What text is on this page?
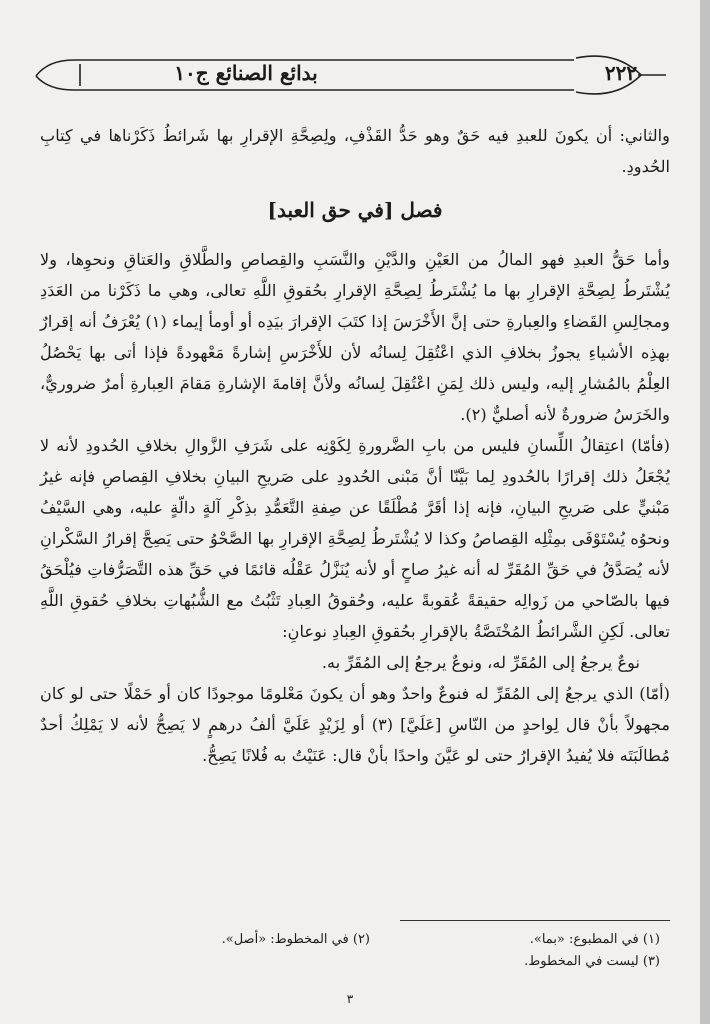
بدائع الصنائع ج١٠	٢٢٢

والثاني: أن يكونَ للعبدِ فيه حَقٌ وهو حَدُّ القَذْفِ، ولِصِحَّةِ الإقرارِ بها شَرائطُ ذَكَرْناها في كِتابِ الحُدودِ.

فصل [في حق العبد]

وأما حَقُّ العبدِ فهو المالُ من العَيْنِ والدَّيْنِ والنَّسَبِ والقِصاصِ والطَّلاقِ والعَتاقِ ونحوِها، ولا يُشْتَرطُ لِصِحَّةِ الإقرارِ بها ما يُشْتَرطُ لِصِحَّةِ الإقرارِ بحُقوقِ اللَّهِ تعالى، وهي ما ذَكَرْنا من العَدَدِ ومجالِسِ القَضاءِ والعِبارةِ حتى إنَّ الأَخْرَسَ إذا كتَبَ الإقرارَ بيَدِه أو أومأ إيماء (١) يُعْرَفُ أنه إقرارٌ بهذِه الأشياءِ يجوزُ بخلافِ الذي اعْتُقِلَ لِسانُه لأن للأَخْرَسِ إشارةً مَعْهودةً فإذا أتى بها يَحْصُلُ العِلْمُ بالمُشارِ إليه، وليس ذلك لِمَنِ اعْتُقِلَ لِسانُه ولأنَّ إقامةَ الإشارةِ مَقامَ العِبارةِ أمرٌ ضروريٌّ، والخَرَسُ ضرورةٌ لأنه أصليٌّ (٢).

(فأمّا) اعتِقالُ اللِّسانِ فليس من بابِ الضَّرورةِ لِكَوْنِه على شَرَفِ الزَّوالِ بخلافِ الحُدودِ لأنه لا يُجْعَلُ ذلك إقرارًا بالحُدودِ لِما بَيَّنّا أنَّ مَبْنى الحُدودِ على صَريحِ البيانِ بخلافِ القِصاصِ فإنه غيرُ مَبْنيٍّ على صَريحِ البيانِ، فإنه إذا أقَرَّ مُطْلَقًا عن صِفةِ التَّعَمُّدِ بذِكْرِ آلةٍ دالّةٍ عليه، وهي السَّيْفُ ونحوُه يُسْتَوْفَى بمِثْلِه القِصاصُ وكذا لا يُشْتَرطُ لِصِحَّةِ الإقرارِ بها الصَّحْوُ حتى يَصِحَّ إقرارُ السَّكْرانِ لأنه يُصَدَّقُ في حَقِّ المُقَرِّ له أنه غيرُ صاحٍ أو لأنه يُنَزَّلُ عَقْلُه قائمًا في حَقِّ هذه التَّصَرُّفاتِ فيُلْحَقُ فيها بالصّاحي من زَوالِه حقيقةً عُقوبةً عليه، وحُقوقُ العِبادِ تَثْبُتُ مع الشُّبُهاتِ بخلافِ حُقوقِ اللَّهِ تعالى. لَكِنِ الشَّرائطُ المُخْتَصَّةُ بالإقرارِ بحُقوقِ العِبادِ نوعانِ:

نوعٌ يرجعُ إلى المُقَرِّ له، ونوعٌ يرجعُ إلى المُقَرِّ به.

(أمّا) الذي يرجعُ إلى المُقَرِّ له فنوعٌ واحدٌ وهو أن يكونَ مَعْلومًا موجودًا كان أو حَمْلًا حتى لو كان مجهولاً بأنْ قال لِواحدٍ من النّاسِ [عَلَيَّ] (٣) أو لِزَيْدٍ عَلَيَّ ألفُ درهمٍ لا يَصِحُّ لأنه لا يَمْلِكُ أحدٌ مُطالَبَتَه فلا يُفيدُ الإقرارُ حتى لو عَيَّنَ واحدًا بأنْ قال: عَنَيْتُ به فُلانًا يَصِحُّ.

(١) في المطبوع: «بما».
(٢) في المخطوط: «أصل».
(٣) ليست في المخطوط.
٣
